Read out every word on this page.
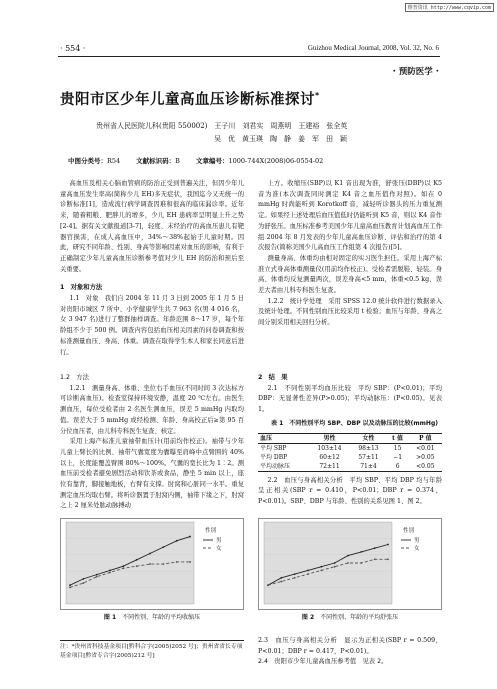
维普资讯 http://www.cqvip.com
· 554 ·	Guizhou Medical Journal, 2008, Vol. 32, No. 6
· 预防医学 ·
贵阳市区少年儿童高血压诊断标准探讨*
贵州省人民医院儿科(贵阳 550002)　王子川　刘君实　周燕明　王建裕　张全英
吴　优　黄玉瑛　陶　静　姜　军　田　颖
中图分类号：R54 文献标识码：B 文章编号：1000-744X(2008)06-0554-02

高血压及相关心脑血管病的防治正受到普遍关注，但因少年儿童高血压发生率高(简称少儿 EH)多无症状，我国迄今又无统一的诊断标准[1]，造成流行病学调查因难和很高的临床漏诊率。近年来，随着粗粮、肥胖儿的增多，少儿 EH 患病率呈明显上升之势[2-4]。据有关文献报道[3-7]，轻度、未经治疗的高血压患儿有靶器官损害，在成人高血压中，34%～38%起始于儿童时期。因此，研究不同年龄、性别、身高等影响因素对血压的影响，有利于正确制定少年儿童高血压诊断参考值对少儿 EH 的防治和预后至关重要。

1　对象和方法

1.1　对象　我们自 2004 年 11 月 3 日到 2005 年 1 月 5 日对贵阳市城区 7 所中、小学健康学生共 7 963 名(男 4 016 名，女 3 947 名)进行了整群抽样调查。年龄范围 8～17 岁，每个年龄组不少于 500 例。调查内容包括血压相关因素的问卷调查和按标准测量血压、身高、体重。调查在取得学生本人和家长同意后进行。

1.2　方法

1.2.1　测量身高、体重、坐位右手血压(不同时间 3 次达标方可诊断高血压)。检查室保持环境安静，温度 20 ℃左右。由医生测血压，每位受检者由 2 名医生测血压，误差 5 mmHg 内取均值。误差大于 5 mmHg 或经检测、年龄、身高校正后≥第 95 百分位血压者，由儿科专科医生复查、核定。

采用上海产标准儿童袖带血压计(用前均作校正)。袖带与少年儿童上臂长的比例、袖带气囊宽度为囊曝至肩峰中点臂围的 40%以上，长度能覆盖臂围 80%～100%。气囊的宽长比为 1∶2。测血压前受检者避免剧烈活动和饮茶或食品，静坐 5 min 以上，座位有靠背，脚接触地板，右臂有支撑。肘窝和心脏同一水平。重复测定血压均取右臂。将听诊器置于肘窝内侧，袖带下缘之下，肘窝之上 2 厘米处肱动脉搏动

上方。收缩压(SBP)以 K1 音出现为准，舒张压(DBP)以 K5 音为准(本次调查同时测定 K4 音之血压值作对照)。如在 0 mmHg 时尚能听到 Korotkoff 音，减轻听诊器头的压力重复测定。如果经上述处理后血压值低时仍能听到 K5 音，则以 K4 音作为舒张压。血压标准参考美国少年儿童高血压教育计划高血压工作组 2004 年 8 月发表的少年儿童高血压诊断、评估和治疗的第 4 次报告(简称美国少儿高血压工作组第 4 次报告)[5]。

测量身高、体重均由相对固定的实习医生担任。采用上海产标准立式身高体重测量仪(用前均作校正)。受检者需脱鞋、轻装。身高、体重均反复测量两次，误差身高<5 mm，体重<0.5 kg，误差大者由儿科专科医生复查。

1.2.2　统计学处理　采用 SPSS 12.0 统计软件进行数据录入及统计处理。不同性别血压比较采用 t 检验；血压与年龄、身高之间分别采用相关回归分析。

2　结　果

2.1　不同性别平均血压比较　平均 SBP：(P<0.01)；平均 DBP：无显著性差异(P>0.05)；平均动脉压：(P<0.05)。见表 1。

表 1　不同性别平均 SBP、DBP 以及动脉压的比较(mmHg)

血压	男性	女性	t 值	P 值
平均 SBP	103±14	98±13	15	<0.01
平均 DBP	60±12	57±11	−1	>0.05
平均动脉压	72±11	71±4	6	<0.05

2.2　血压与身高相关分析　平均 SBP、平均 DBP 均与年龄呈正相关(SBP r = 0.410，P<0.01；DBP r = 0.374，P<0.01)。SBP、DBP 与年龄、性别的关系见图 1、图 2。

性别
男
女
图 1 不同性别、年龄的平均收缩压
性别
男
女
图 2 不同性别、年龄的平均舒张压
注：*贵州省科技基金项目[黔科合字(2005)2052 号]；贵州省省长专项基金项目[黔省专合字(2005)212 号]
2.3　血压与身高相关分析　显示为正相关(SBP r = 0.509，P<0.01；DBP r = 0.417，P<0.01)。
2.4　贵阳市少年儿童高血压参考值　见表 2。
